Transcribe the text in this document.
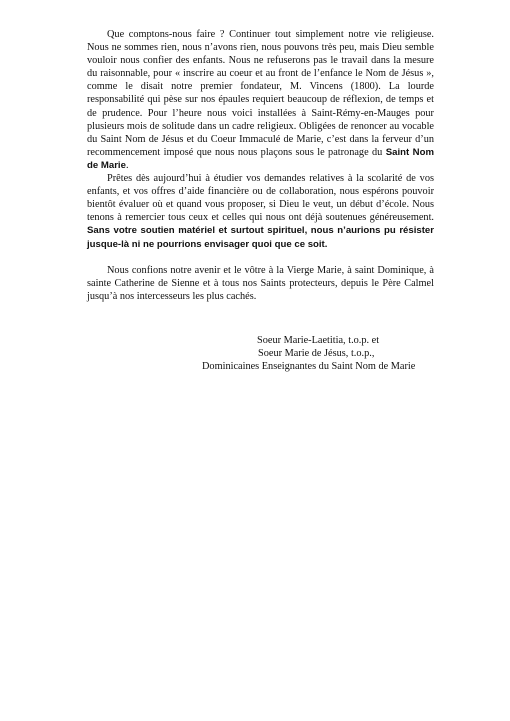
Que comptons-nous faire ? Continuer tout simplement notre vie religieuse. Nous ne sommes rien, nous n’avons rien, nous pouvons très peu, mais Dieu semble vouloir nous confier des enfants. Nous ne refuserons pas le travail dans la mesure du raisonnable, pour « inscrire au coeur et au front de l’enfance le Nom de Jésus », comme le disait notre premier fondateur, M. Vincens (1800). La lourde responsabilité qui pèse sur nos épaules requiert beaucoup de réflexion, de temps et de prudence. Pour l’heure nous voici installées à Saint-Rémy-en-Mauges pour plusieurs mois de solitude dans un cadre religieux. Obligées de renoncer au vocable du Saint Nom de Jésus et du Coeur Immaculé de Marie, c’est dans la ferveur d’un recommencement imposé que nous nous plaçons sous le patronage du Saint Nom de Marie.

Prêtes dès aujourd’hui à étudier vos demandes relatives à la scolarité de vos enfants, et vos offres d’aide financière ou de collaboration, nous espérons pouvoir bientôt évaluer où et quand vous proposer, si Dieu le veut, un début d’école. Nous tenons à remercier tous ceux et celles qui nous ont déjà soutenues généreusement. Sans votre soutien matériel et surtout spirituel, nous n’aurions pu résister jusque-là ni ne pourrions envisager quoi que ce soit.

Nous confions notre avenir et le vôtre à la Vierge Marie, à saint Dominique, à sainte Catherine de Sienne et à tous nos Saints protecteurs, depuis le Père Calmel jusqu’à nos intercesseurs les plus cachés.

Soeur Marie-Laetitia, t.o.p. et
Soeur Marie de Jésus, t.o.p.,
Dominicaines Enseignantes du Saint Nom de Marie
